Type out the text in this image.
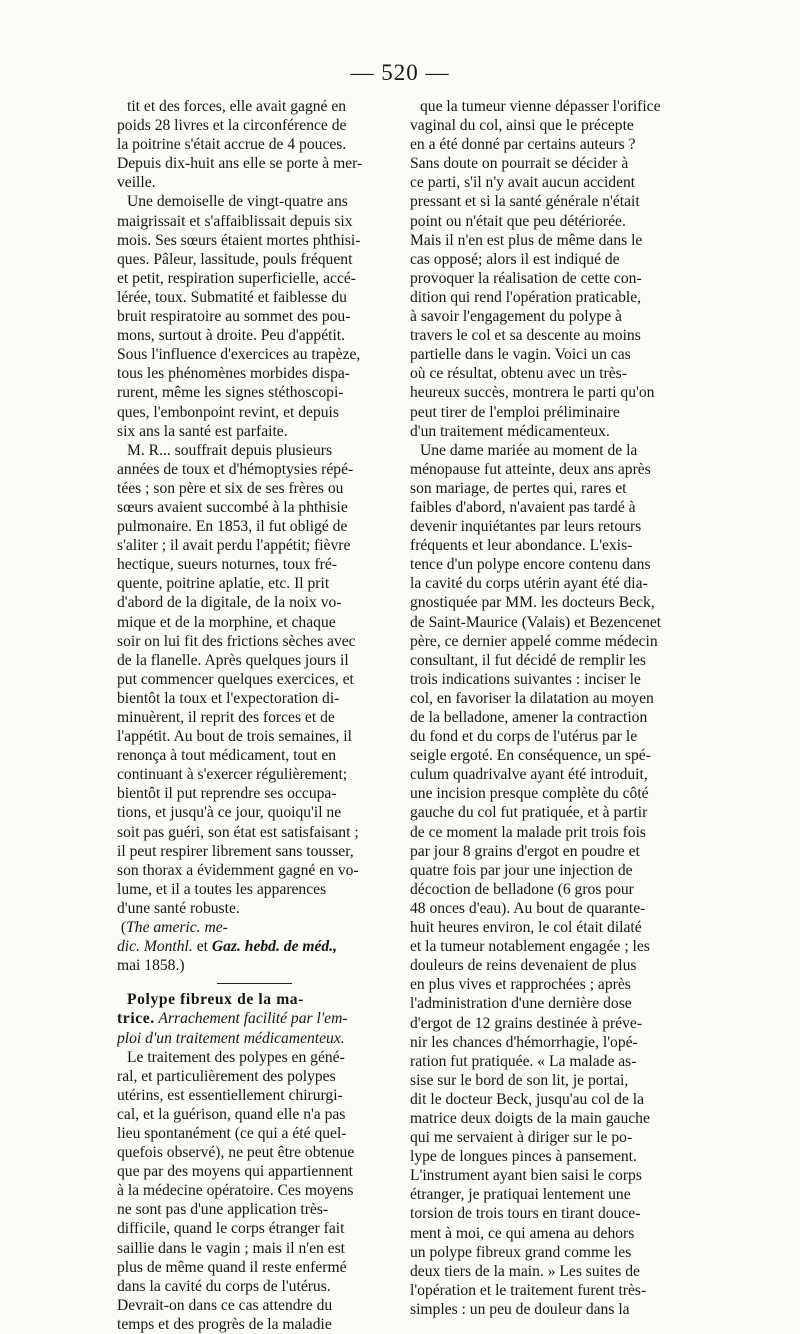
— 520 —
tit et des forces, elle avait gagné en
poids 28 livres et la circonférence de
la poitrine s'était accrue de 4 pouces.
Depuis dix-huit ans elle se porte à mer-
veille.
Une demoiselle de vingt-quatre ans
maigrissait et s'affaiblissait depuis six
mois. Ses sœurs étaient mortes phthisi-
ques. Pâleur, lassitude, pouls fréquent
et petit, respiration superficielle, accé-
lérée, toux. Submatité et faiblesse du
bruit respiratoire au sommet des pou-
mons, surtout à droite. Peu d'appétit.
Sous l'influence d'exercices au trapèze,
tous les phénomènes morbides dispa-
rurent, même les signes stéthoscopi-
ques, l'embonpoint revint, et depuis
six ans la santé est parfaite.
M. R... souffrait depuis plusieurs
années de toux et d'hémoptysies répé-
tées ; son père et six de ses frères ou
sœurs avaient succombé à la phthisie
pulmonaire. En 1853, il fut obligé de
s'aliter ; il avait perdu l'appétit; fièvre
hectique, sueurs noturnes, toux fré-
quente, poitrine aplatie, etc. Il prit
d'abord de la digitale, de la noix vo-
mique et de la morphine, et chaque
soir on lui fit des frictions sèches avec
de la flanelle. Après quelques jours il
put commencer quelques exercices, et
bientôt la toux et l'expectoration di-
minuèrent, il reprit des forces et de
l'appétit. Au bout de trois semaines, il
renonça à tout médicament, tout en
continuant à s'exercer régulièrement;
bientôt il put reprendre ses occupa-
tions, et jusqu'à ce jour, quoiqu'il ne
soit pas guéri, son état est satisfaisant ;
il peut respirer librement sans tousser,
son thorax a évidemment gagné en vo-
lume, et il a toutes les apparences
d'une santé robuste.
(The americ. me-
dic. Monthl. et Gaz. hebd. de méd.,
mai 1858.)
Polype fibreux de la ma-
trice. Arrachement facilité par l'em-
ploi d'un traitement médicamenteux.
Le traitement des polypes en géné-
ral, et particulièrement des polypes
utérins, est essentiellement chirurgi-
cal, et la guérison, quand elle n'a pas
lieu spontanément (ce qui a été quel-
quefois observé), ne peut être obtenue
que par des moyens qui appartiennent
à la médecine opératoire. Ces moyens
ne sont pas d'une application très-
difficile, quand le corps étranger fait
saillie dans le vagin ; mais il n'en est
plus de même quand il reste enfermé
dans la cavité du corps de l'utérus.
Devrait-on dans ce cas attendre du
temps et des progrès de la maladie
que la tumeur vienne dépasser l'orifice
vaginal du col, ainsi que le précepte
en a été donné par certains auteurs ?
Sans doute on pourrait se décider à
ce parti, s'il n'y avait aucun accident
pressant et si la santé générale n'était
point ou n'était que peu détériorée.
Mais il n'en est plus de même dans le
cas opposé; alors il est indiqué de
provoquer la réalisation de cette con-
dition qui rend l'opération praticable,
à savoir l'engagement du polype à
travers le col et sa descente au moins
partielle dans le vagin. Voici un cas
où ce résultat, obtenu avec un très-
heureux succès, montrera le parti qu'on
peut tirer de l'emploi préliminaire
d'un traitement médicamenteux.
Une dame mariée au moment de la
ménopause fut atteinte, deux ans après
son mariage, de pertes qui, rares et
faibles d'abord, n'avaient pas tardé à
devenir inquiétantes par leurs retours
fréquents et leur abondance. L'exis-
tence d'un polype encore contenu dans
la cavité du corps utérin ayant été dia-
gnostiquée par MM. les docteurs Beck,
de Saint-Maurice (Valais) et Bezencenet
père, ce dernier appelé comme médecin
consultant, il fut décidé de remplir les
trois indications suivantes : inciser le
col, en favoriser la dilatation au moyen
de la belladone, amener la contraction
du fond et du corps de l'utérus par le
seigle ergoté. En conséquence, un spé-
culum quadrivalve ayant été introduit,
une incision presque complète du côté
gauche du col fut pratiquée, et à partir
de ce moment la malade prit trois fois
par jour 8 grains d'ergot en poudre et
quatre fois par jour une injection de
décoction de belladone (6 gros pour
48 onces d'eau). Au bout de quarante-
huit heures environ, le col était dilaté
et la tumeur notablement engagée ; les
douleurs de reins devenaient de plus
en plus vives et rapprochées ; après
l'administration d'une dernière dose
d'ergot de 12 grains destinée à préve-
nir les chances d'hémorrhagie, l'opé-
ration fut pratiquée. « La malade as-
sise sur le bord de son lit, je portai,
dit le docteur Beck, jusqu'au col de la
matrice deux doigts de la main gauche
qui me servaient à diriger sur le po-
lype de longues pinces à pansement.
L'instrument ayant bien saisi le corps
étranger, je pratiquai lentement une
torsion de trois tours en tirant douce-
ment à moi, ce qui amena au dehors
un polype fibreux grand comme les
deux tiers de la main. » Les suites de
l'opération et le traitement furent très-
simples : un peu de douleur dans la
